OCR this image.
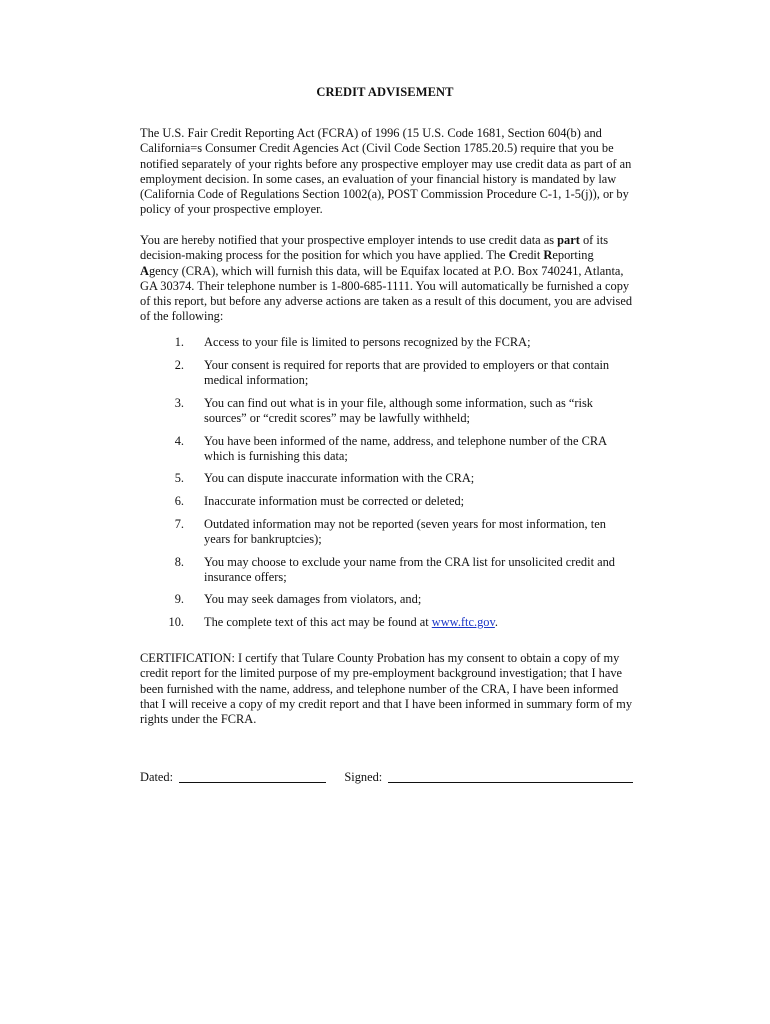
CREDIT ADVISEMENT
The U.S. Fair Credit Reporting Act (FCRA) of 1996 (15 U.S. Code 1681, Section 604(b) and California=s Consumer Credit Agencies Act (Civil Code Section 1785.20.5) require that you be notified separately of your rights before any prospective employer may use credit data as part of an employment decision. In some cases, an evaluation of your financial history is mandated by law (California Code of Regulations Section 1002(a), POST Commission Procedure C-1, 1-5(j)), or by policy of your prospective employer.
You are hereby notified that your prospective employer intends to use credit data as part of its decision-making process for the position for which you have applied. The Credit Reporting Agency (CRA), which will furnish this data, will be Equifax located at P.O. Box 740241, Atlanta, GA 30374. Their telephone number is 1-800-685-1111. You will automatically be furnished a copy of this report, but before any adverse actions are taken as a result of this document, you are advised of the following:
1. Access to your file is limited to persons recognized by the FCRA;
2. Your consent is required for reports that are provided to employers or that contain medical information;
3. You can find out what is in your file, although some information, such as “risk sources” or “credit scores” may be lawfully withheld;
4. You have been informed of the name, address, and telephone number of the CRA which is furnishing this data;
5. You can dispute inaccurate information with the CRA;
6. Inaccurate information must be corrected or deleted;
7. Outdated information may not be reported (seven years for most information, ten years for bankruptcies);
8. You may choose to exclude your name from the CRA list for unsolicited credit and insurance offers;
9. You may seek damages from violators, and;
10. The complete text of this act may be found at www.ftc.gov.
CERTIFICATION: I certify that Tulare County Probation has my consent to obtain a copy of my credit report for the limited purpose of my pre-employment background investigation; that I have been furnished with the name, address, and telephone number of the CRA, I have been informed that I will receive a copy of my credit report and that I have been informed in summary form of my rights under the FCRA.
Dated:	Signed:
